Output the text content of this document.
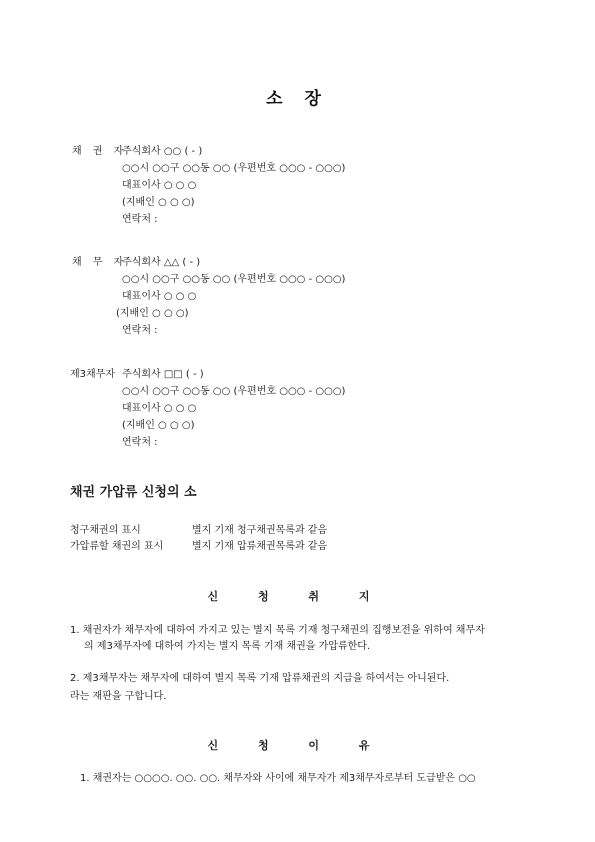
소 장
채 권 자
주식회사 ○○ ( - )
○○시 ○○구 ○○동 ○○ (우편번호 ○○○ - ○○○)
대표이사 ○ ○ ○
(지배인 ○ ○ ○)
연락처 :
채 무 자
주식회사 △△ ( - )
○○시 ○○구 ○○동 ○○ (우편번호 ○○○ - ○○○)
대표이사 ○ ○ ○
(지배인 ○ ○ ○)
연락처 :
제3채무자 주식회사 □□ ( - )
○○시 ○○구 ○○동 ○○ (우편번호 ○○○ - ○○○)
대표이사 ○ ○ ○
(지배인 ○ ○ ○)
연락처 :
채권 가압류 신청의 소
청구채권의 표시	별지 기재 청구채권목록과 같음
가압류할 채권의 표시	별지 기재 압류채권목록과 같음
신 청 취 지
1. 채권자가 채무자에 대하여 가지고 있는 별지 목록 기재 청구채권의 집행보전을 위하여 채무자
의 제3채무자에 대하여 가지는 별지 목록 기재 채권을 가압류한다.
2. 제3채무자는 채무자에 대하여 별지 목록 기재 압류채권의 지급을 하여서는 아니된다.
라는 재판을 구합니다.
신 청 이 유
1. 채권자는 ○○○○. ○○. ○○. 채무자와 사이에 채무자가 제3채무자로부터 도급받은 ○○
